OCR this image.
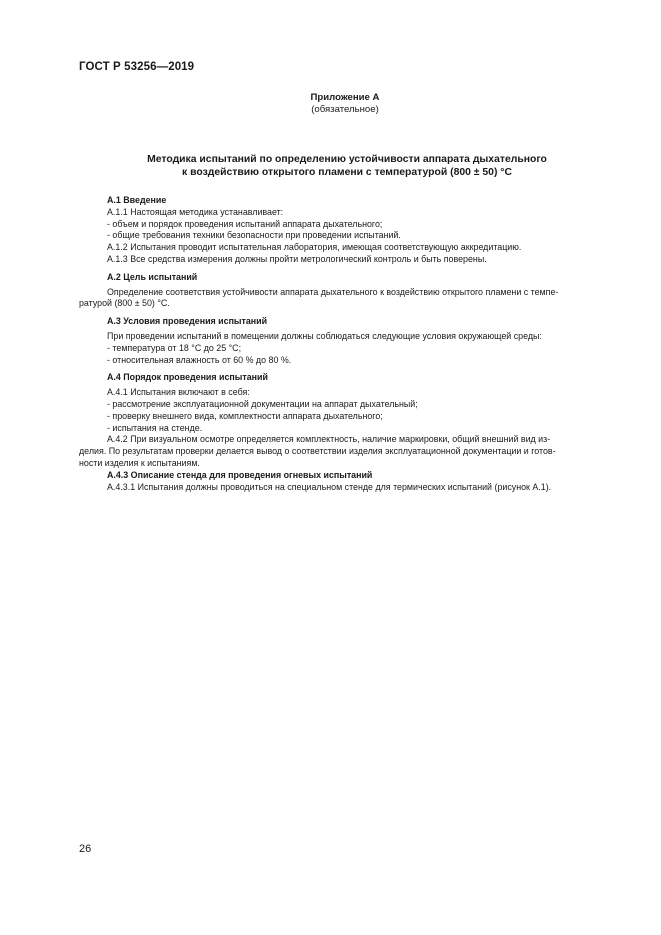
ГОСТ Р 53256—2019
Приложение А
(обязательное)
Методика испытаний по определению устойчивости аппарата дыхательного
к воздействию открытого пламени с температурой (800 ± 50) °С
А.1 Введение
А.1.1 Настоящая методика устанавливает:
- объем и порядок проведения испытаний аппарата дыхательного;
- общие требования техники безопасности при проведении испытаний.
А.1.2 Испытания проводит испытательная лаборатория, имеющая соответствующую аккредитацию.
А.1.3 Все средства измерения должны пройти метрологический контроль и быть поверены.
А.2 Цель испытаний
Определение соответствия устойчивости аппарата дыхательного к воздействию открытого пламени с темпе-
ратурой (800 ± 50) °С.
А.3 Условия проведения испытаний
При проведении испытаний в помещении должны соблюдаться следующие условия окружающей среды:
- температура от 18 °С до 25 °С;
- относительная влажность от 60 % до 80 %.
А.4 Порядок проведения испытаний
А.4.1 Испытания включают в себя:
- рассмотрение эксплуатационной документации на аппарат дыхательный;
- проверку внешнего вида, комплектности аппарата дыхательного;
- испытания на стенде.
А.4.2 При визуальном осмотре определяется комплектность, наличие маркировки, общий внешний вид из-
делия. По результатам проверки делается вывод о соответствии изделия эксплуатационной документации и готов-
ности изделия к испытаниям.
А.4.3 Описание стенда для проведения огневых испытаний
А.4.3.1 Испытания должны проводиться на специальном стенде для термических испытаний (рисунок А.1).
26
